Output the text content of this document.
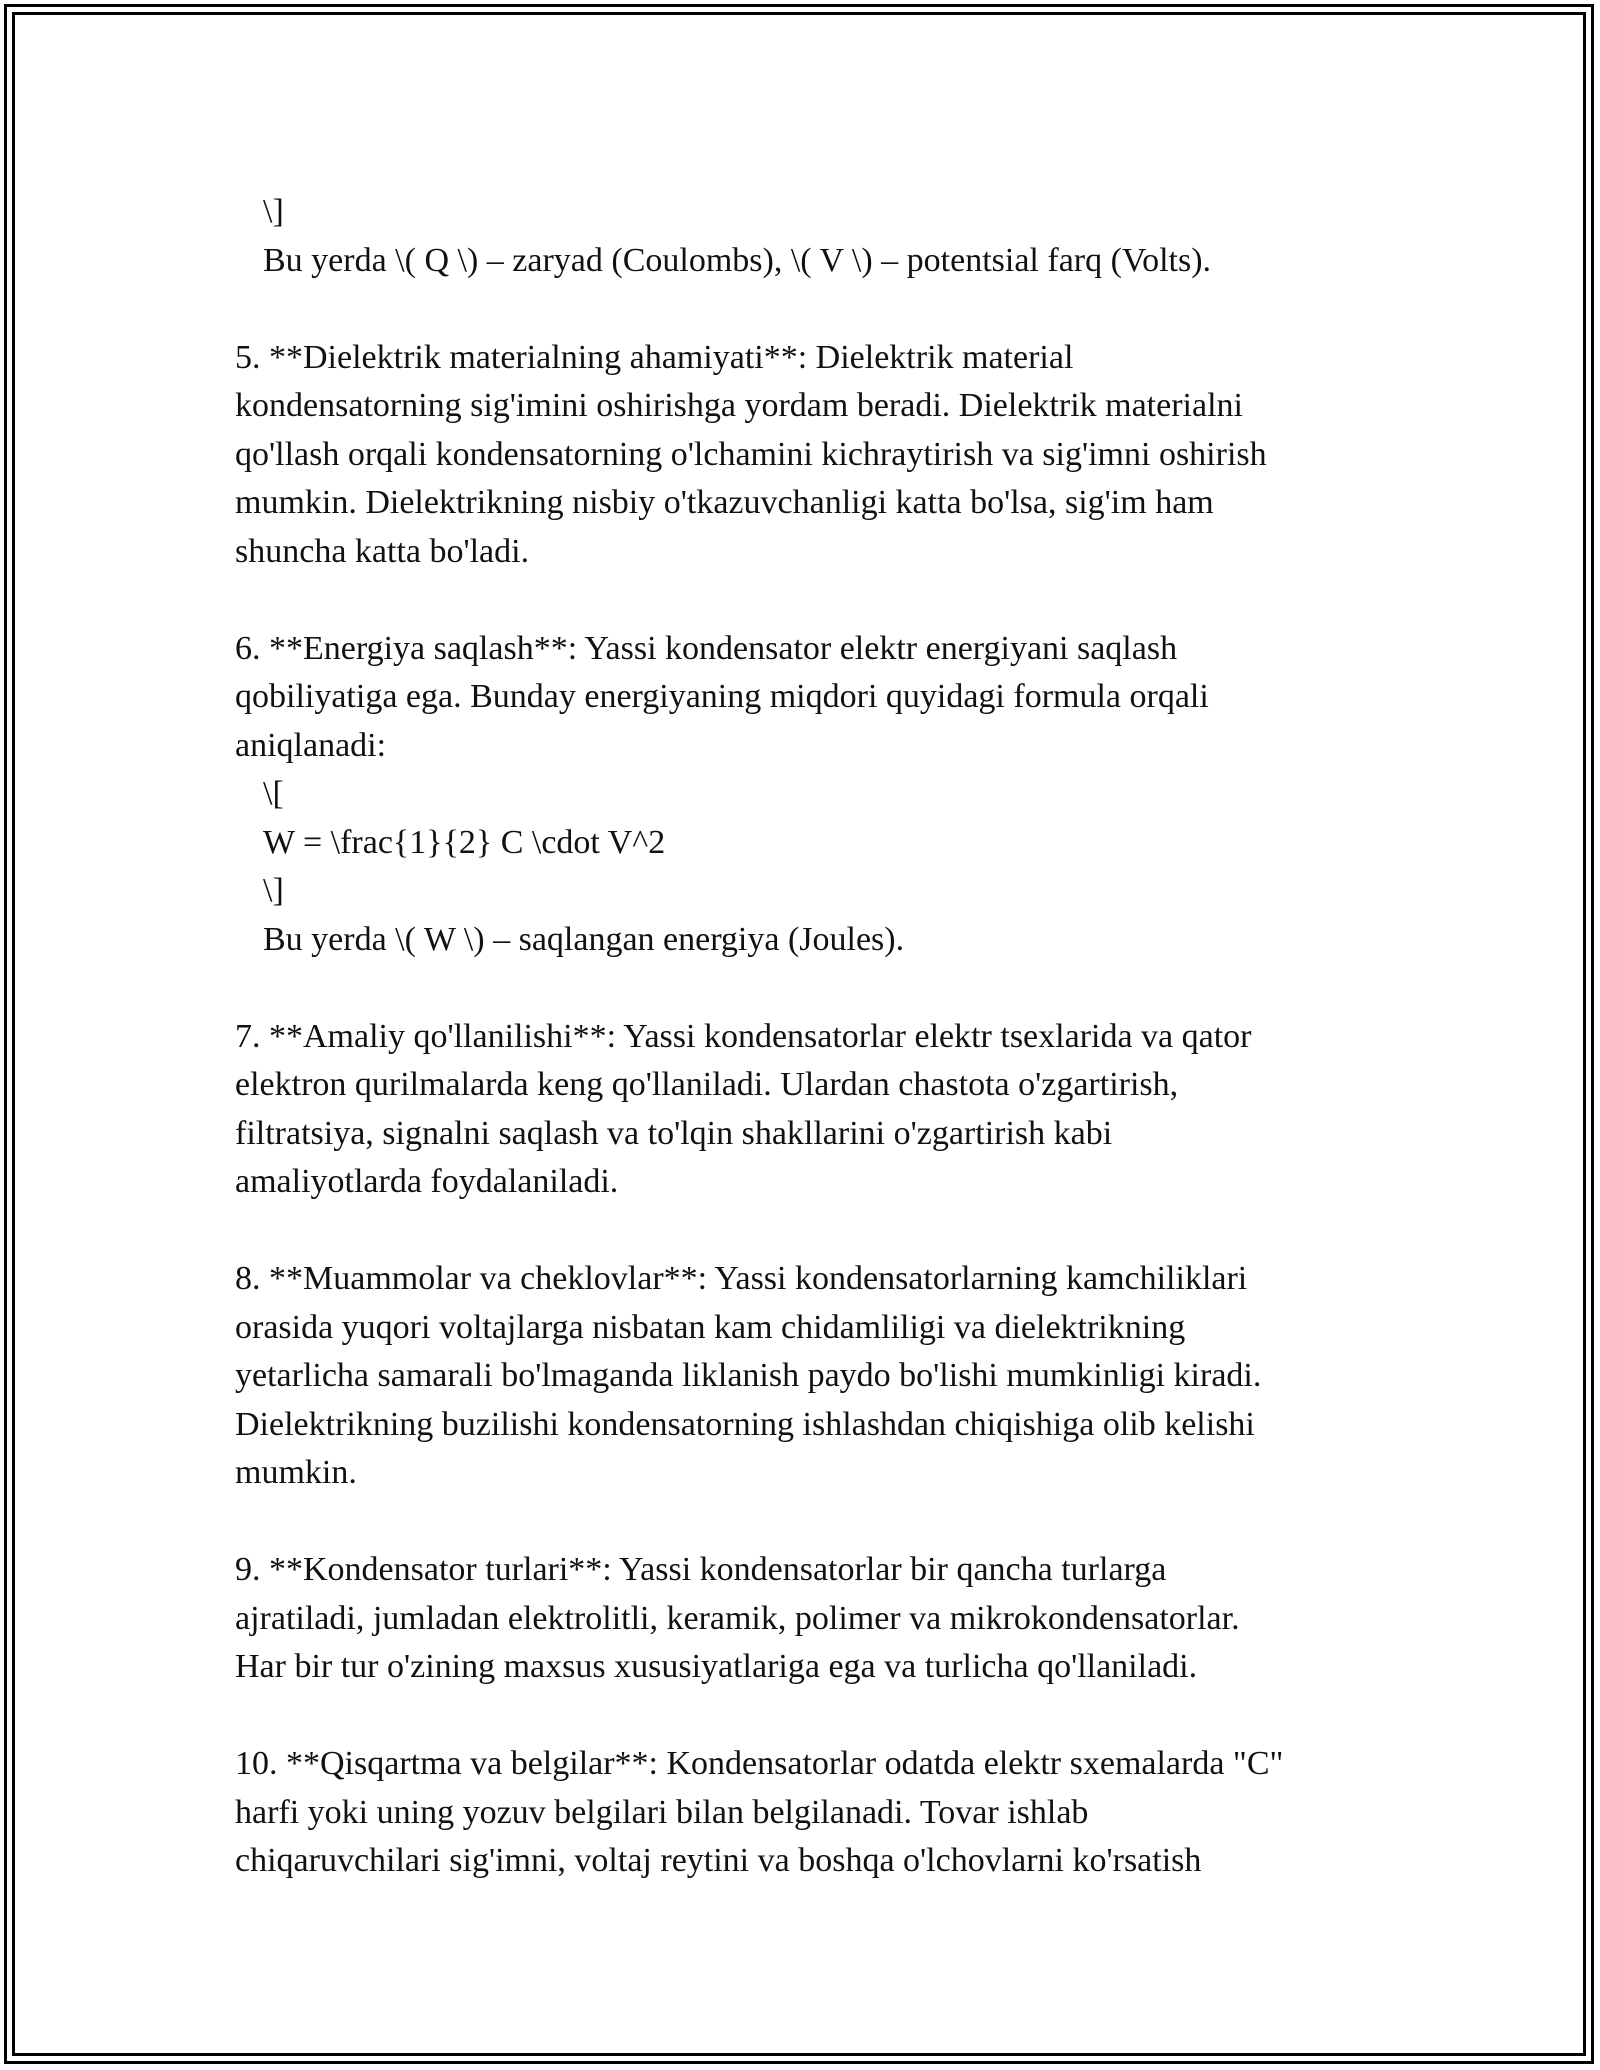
\]
Bu yerda \( Q \) – zaryad (Coulombs), \( V \) – potentsial farq (Volts).
5. **Dielektrik materialning ahamiyati**: Dielektrik material
kondensatorning sig'imini oshirishga yordam beradi. Dielektrik materialni
qo'llash orqali kondensatorning o'lchamini kichraytirish va sig'imni oshirish
mumkin. Dielektrikning nisbiy o'tkazuvchanligi katta bo'lsa, sig'im ham
shuncha katta bo'ladi.
6. **Energiya saqlash**: Yassi kondensator elektr energiyani saqlash
qobiliyatiga ega. Bunday energiyaning miqdori quyidagi formula orqali
aniqlanadi:
\[
W = \frac{1}{2} C \cdot V^2
\]
Bu yerda \( W \) – saqlangan energiya (Joules).
7. **Amaliy qo'llanilishi**: Yassi kondensatorlar elektr tsexlarida va qator
elektron qurilmalarda keng qo'llaniladi. Ulardan chastota o'zgartirish,
filtratsiya, signalni saqlash va to'lqin shakllarini o'zgartirish kabi
amaliyotlarda foydalaniladi.
8. **Muammolar va cheklovlar**: Yassi kondensatorlarning kamchiliklari
orasida yuqori voltajlarga nisbatan kam chidamliligi va dielektrikning
yetarlicha samarali bo'lmaganda liklanish paydo bo'lishi mumkinligi kiradi.
Dielektrikning buzilishi kondensatorning ishlashdan chiqishiga olib kelishi
mumkin.
9. **Kondensator turlari**: Yassi kondensatorlar bir qancha turlarga
ajratiladi, jumladan elektrolitli, keramik, polimer va mikrokondensatorlar.
Har bir tur o'zining maxsus xususiyatlariga ega va turlicha qo'llaniladi.
10. **Qisqartma va belgilar**: Kondensatorlar odatda elektr sxemalarda "C"
harfi yoki uning yozuv belgilari bilan belgilanadi. Tovar ishlab
chiqaruvchilari sig'imni, voltaj reytini va boshqa o'lchovlarni ko'rsatish
